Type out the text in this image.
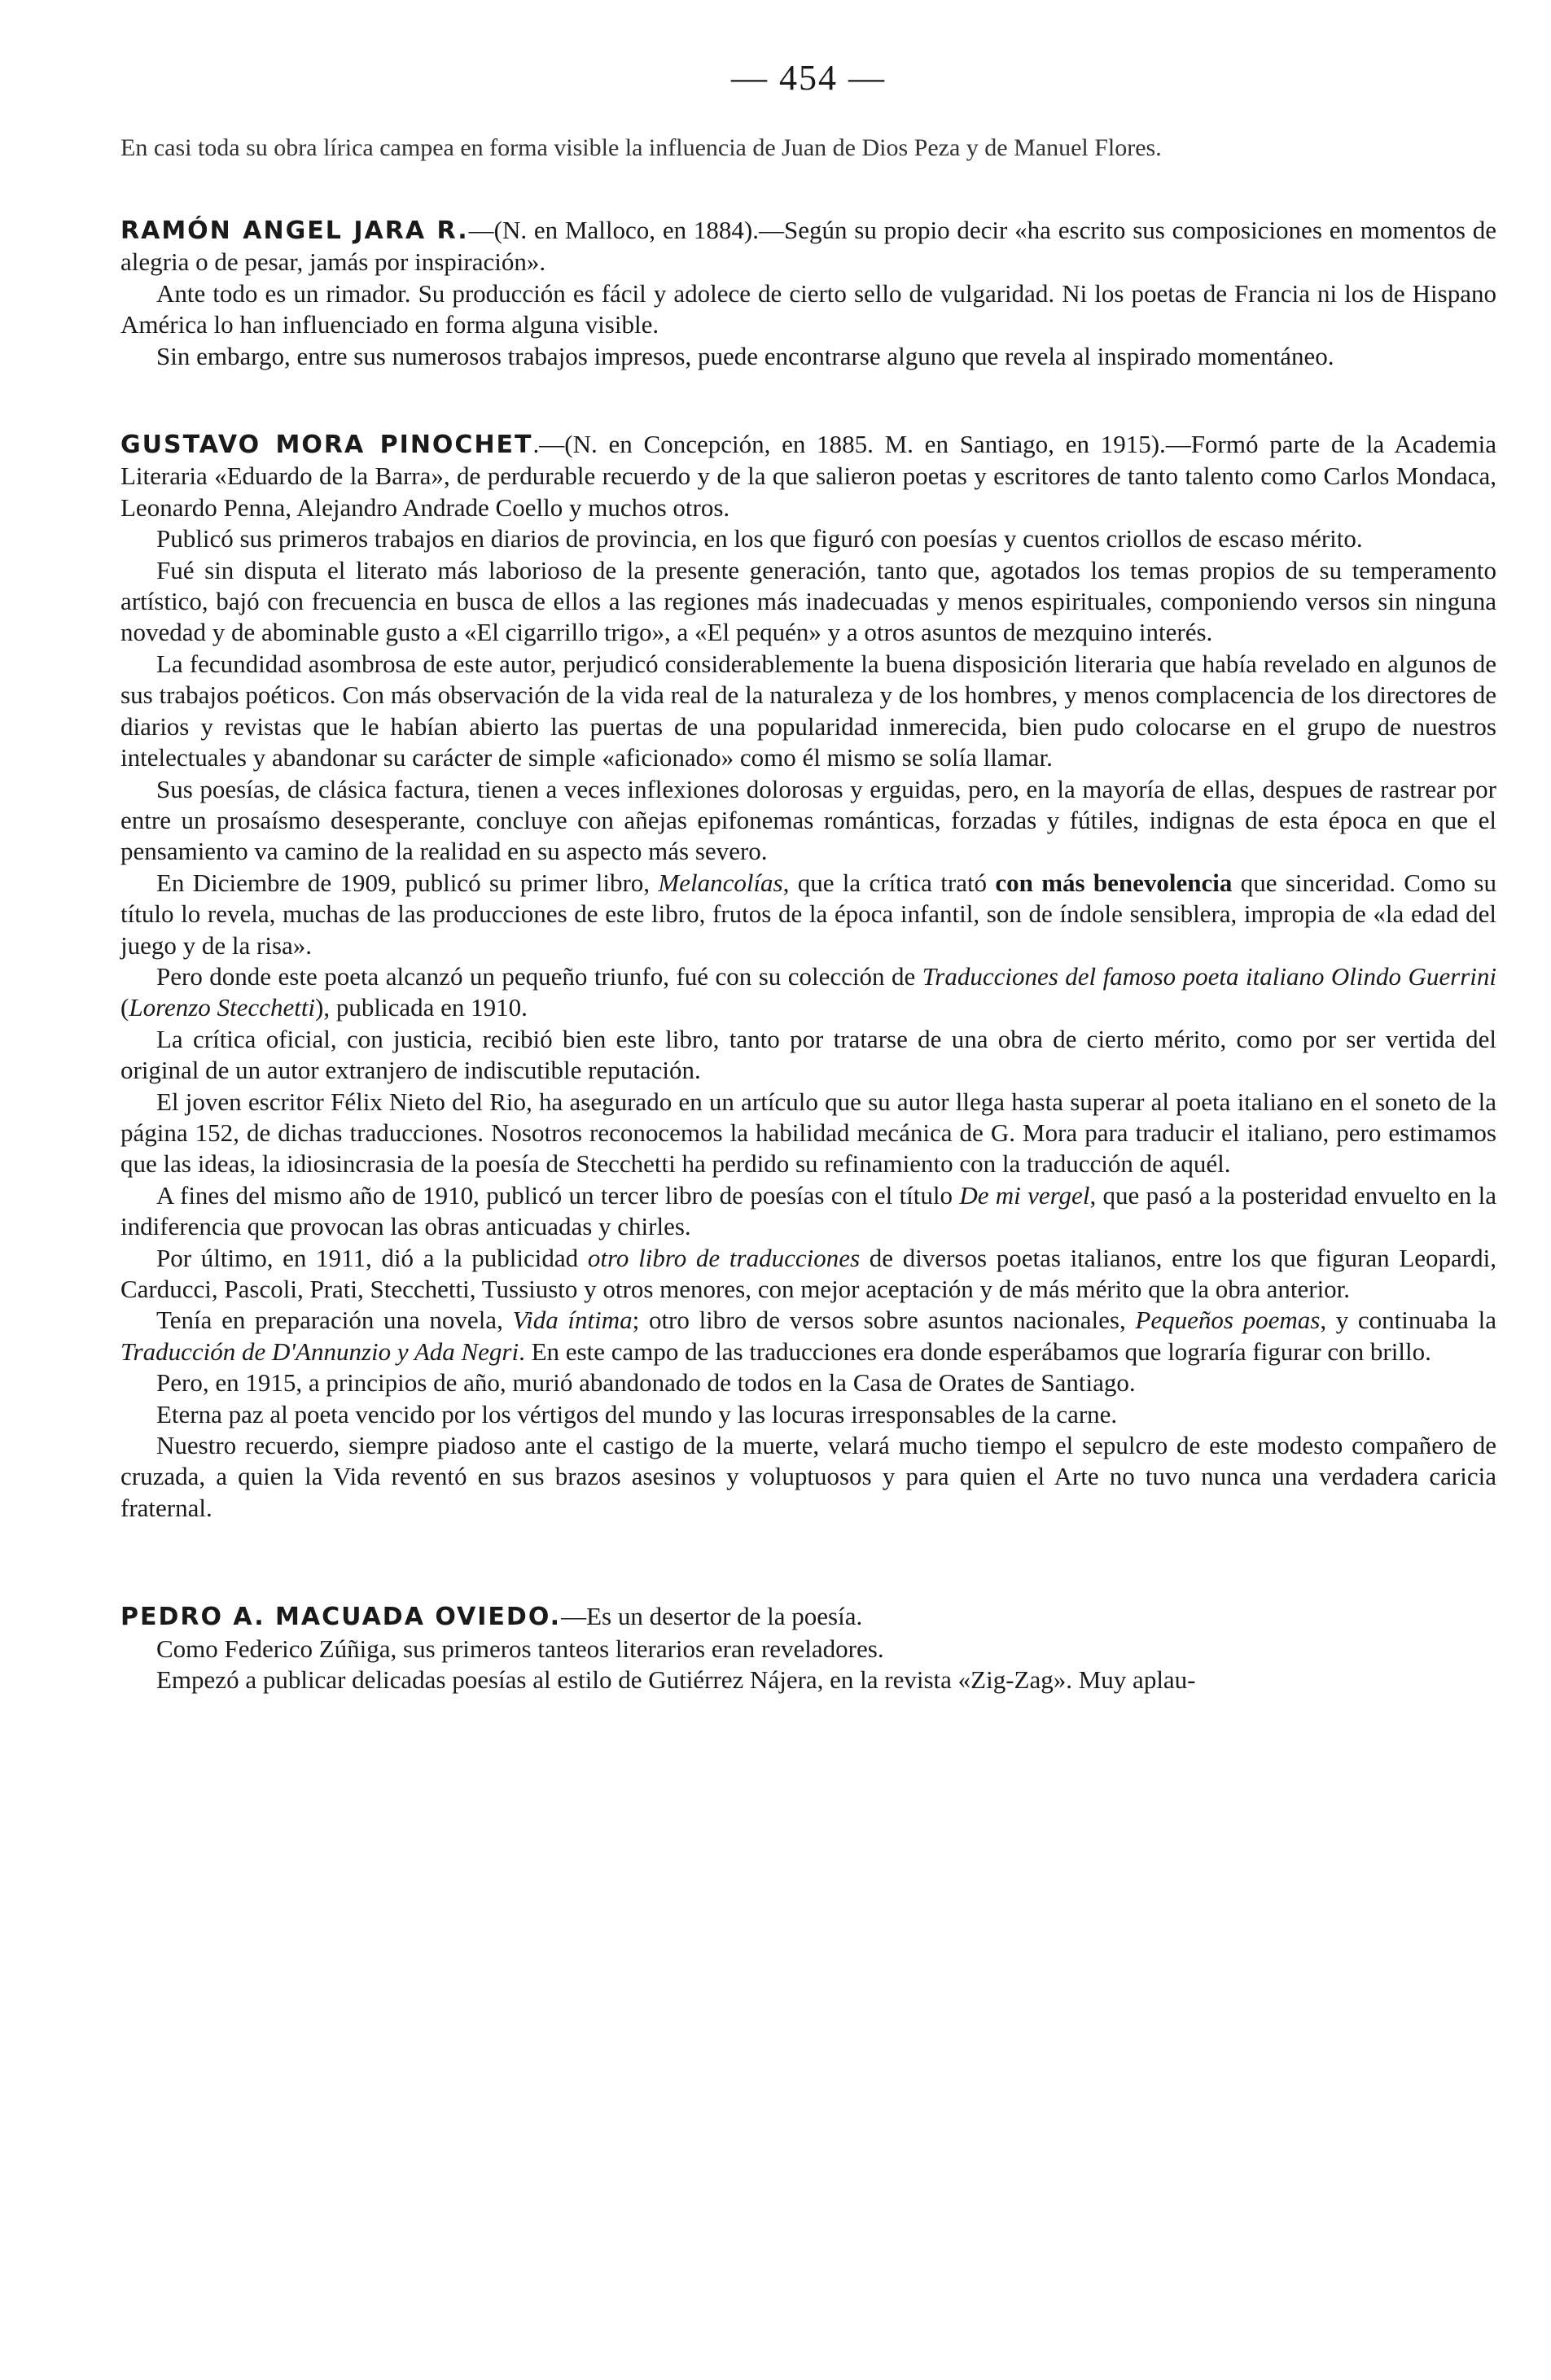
— 454 —

En casi toda su obra lírica campea en forma visible la influencia de Juan de Dios Peza y de Manuel Flores.

RAMÓN ANGEL JARA R.—(N. en Malloco, en 1884).—Según su propio decir «ha escrito sus composiciones en momentos de alegria o de pesar, jamás por inspiración».

Ante todo es un rimador. Su producción es fácil y adolece de cierto sello de vulgaridad. Ni los poetas de Francia ni los de Hispano América lo han influenciado en forma alguna visible.

Sin embargo, entre sus numerosos trabajos impresos, puede encontrarse alguno que revela al inspirado momentáneo.

GUSTAVO MORA PINOCHET.—(N. en Concepción, en 1885. M. en Santiago, en 1915).—Formó parte de la Academia Literaria «Eduardo de la Barra», de perdurable recuerdo y de la que salieron poetas y escritores de tanto talento como Carlos Mondaca, Leonardo Penna, Alejandro Andrade Coello y muchos otros.

Publicó sus primeros trabajos en diarios de provincia, en los que figuró con poesías y cuentos criollos de escaso mérito.

Fué sin disputa el literato más laborioso de la presente generación, tanto que, agotados los temas propios de su temperamento artístico, bajó con frecuencia en busca de ellos a las regiones más inadecuadas y menos espirituales, componiendo versos sin ninguna novedad y de abominable gusto a «El cigarrillo trigo», a «El pequén» y a otros asuntos de mezquino interés.

La fecundidad asombrosa de este autor, perjudicó considerablemente la buena disposición literaria que había revelado en algunos de sus trabajos poéticos. Con más observación de la vida real de la naturaleza y de los hombres, y menos complacencia de los directores de diarios y revistas que le habían abierto las puertas de una popularidad inmerecida, bien pudo colocarse en el grupo de nuestros intelectuales y abandonar su carácter de simple «aficionado» como él mismo se solía llamar.

Sus poesías, de clásica factura, tienen a veces inflexiones dolorosas y erguidas, pero, en la mayoría de ellas, despues de rastrear por entre un prosaísmo desesperante, concluye con añejas epifonemas románticas, forzadas y fútiles, indignas de esta época en que el pensamiento va camino de la realidad en su aspecto más severo.

En Diciembre de 1909, publicó su primer libro, Melancolías, que la crítica trató con más benevolencia que sinceridad. Como su título lo revela, muchas de las producciones de este libro, frutos de la época infantil, son de índole sensiblera, impropia de «la edad del juego y de la risa».

Pero donde este poeta alcanzó un pequeño triunfo, fué con su colección de Traducciones del famoso poeta italiano Olindo Guerrini (Lorenzo Stecchetti), publicada en 1910.

La crítica oficial, con justicia, recibió bien este libro, tanto por tratarse de una obra de cierto mérito, como por ser vertida del original de un autor extranjero de indiscutible reputación.

El joven escritor Félix Nieto del Rio, ha asegurado en un artículo que su autor llega hasta superar al poeta italiano en el soneto de la página 152, de dichas traducciones. Nosotros reconocemos la habilidad mecánica de G. Mora para traducir el italiano, pero estimamos que las ideas, la idiosincrasia de la poesía de Stecchetti ha perdido su refinamiento con la traducción de aquél.

A fines del mismo año de 1910, publicó un tercer libro de poesías con el título De mi vergel, que pasó a la posteridad envuelto en la indiferencia que provocan las obras anticuadas y chirles.

Por último, en 1911, dió a la publicidad otro libro de traducciones de diversos poetas italianos, entre los que figuran Leopardi, Carducci, Pascoli, Prati, Stecchetti, Tussiusto y otros menores, con mejor aceptación y de más mérito que la obra anterior.

Tenía en preparación una novela, Vida íntima; otro libro de versos sobre asuntos nacionales, Pequeños poemas, y continuaba la Traducción de D'Annunzio y Ada Negri. En este campo de las traducciones era donde esperábamos que lograría figurar con brillo.

Pero, en 1915, a principios de año, murió abandonado de todos en la Casa de Orates de Santiago.

Eterna paz al poeta vencido por los vértigos del mundo y las locuras irresponsables de la carne.

Nuestro recuerdo, siempre piadoso ante el castigo de la muerte, velará mucho tiempo el sepulcro de este modesto compañero de cruzada, a quien la Vida reventó en sus brazos asesinos y voluptuosos y para quien el Arte no tuvo nunca una verdadera caricia fraternal.

PEDRO A. MACUADA OVIEDO.—Es un desertor de la poesía.

Como Federico Zúñiga, sus primeros tanteos literarios eran reveladores.

Empezó a publicar delicadas poesías al estilo de Gutiérrez Nájera, en la revista «Zig-Zag». Muy aplau-
